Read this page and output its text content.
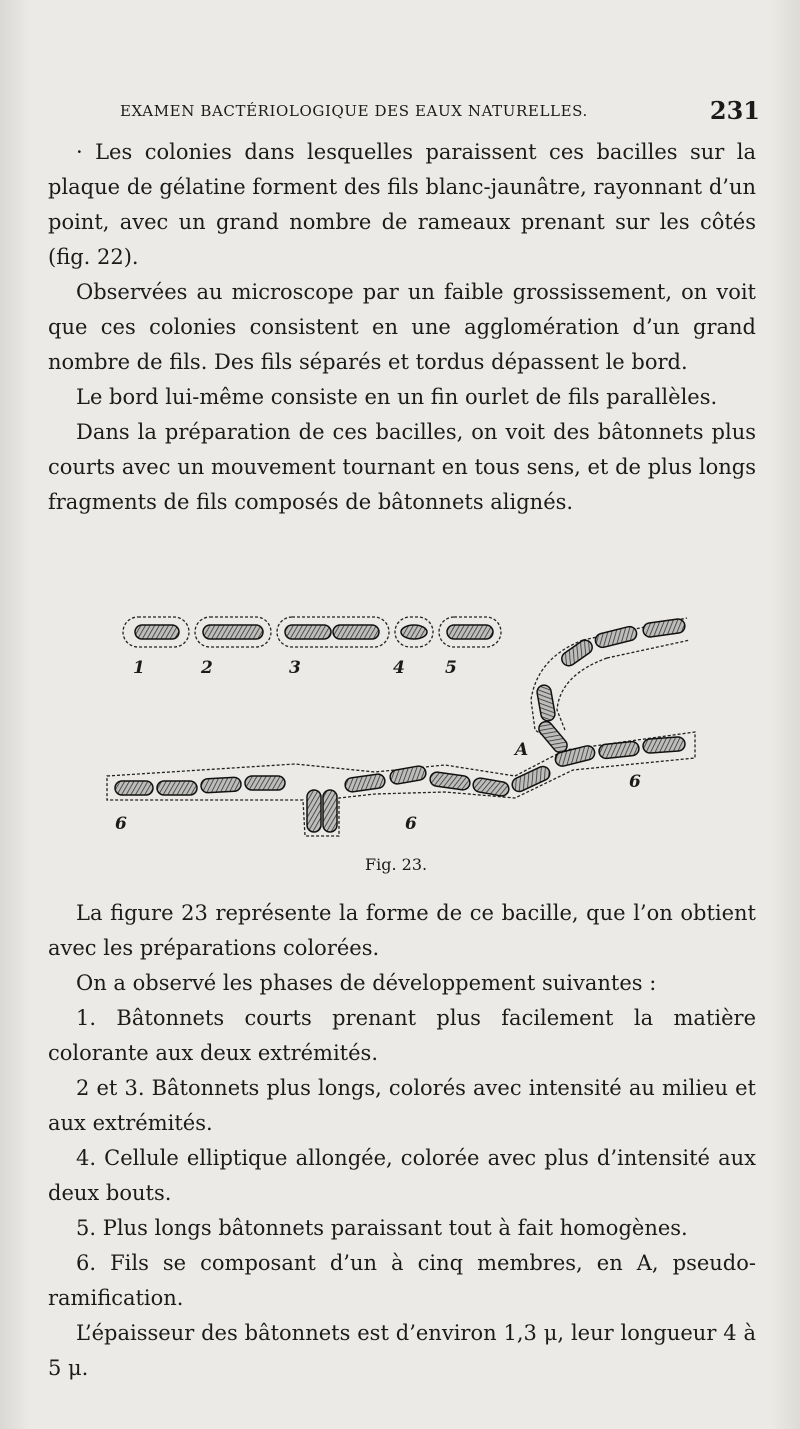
EXAMEN BACTÉRIOLOGIQUE DES EAUX NATURELLES.	231

· Les colonies dans lesquelles paraissent ces bacilles sur la plaque de gélatine forment des fils blanc-jaunâtre, rayonnant d’un point, avec un grand nombre de rameaux prenant sur les côtés (fig. 22).

Observées au microscope par un faible grossissement, on voit que ces colonies consistent en une agglomération d’un grand nombre de fils. Des fils séparés et tordus dépassent le bord.

Le bord lui-même consiste en un fin ourlet de fils parallèles.

Dans la préparation de ces bacilles, on voit des bâtonnets plus courts avec un mouvement tournant en tous sens, et de plus longs fragments de fils composés de bâtonnets alignés.

1	2	3	4 5
6
6	6
A
Fig. 23.

La figure 23 représente la forme de ce bacille, que l’on obtient avec les préparations colorées.

On a observé les phases de développement suivantes :

1. Bâtonnets courts prenant plus facilement la matière colorante aux deux extrémités.

2 et 3. Bâtonnets plus longs, colorés avec intensité au milieu et aux extrémités.

4. Cellule elliptique allongée, colorée avec plus d’intensité aux deux bouts.

5. Plus longs bâtonnets paraissant tout à fait homogènes.

6. Fils se composant d’un à cinq membres, en A, pseudo-ramification.

L’épaisseur des bâtonnets est d’environ 1,3 μ, leur longueur 4 à 5 μ.
